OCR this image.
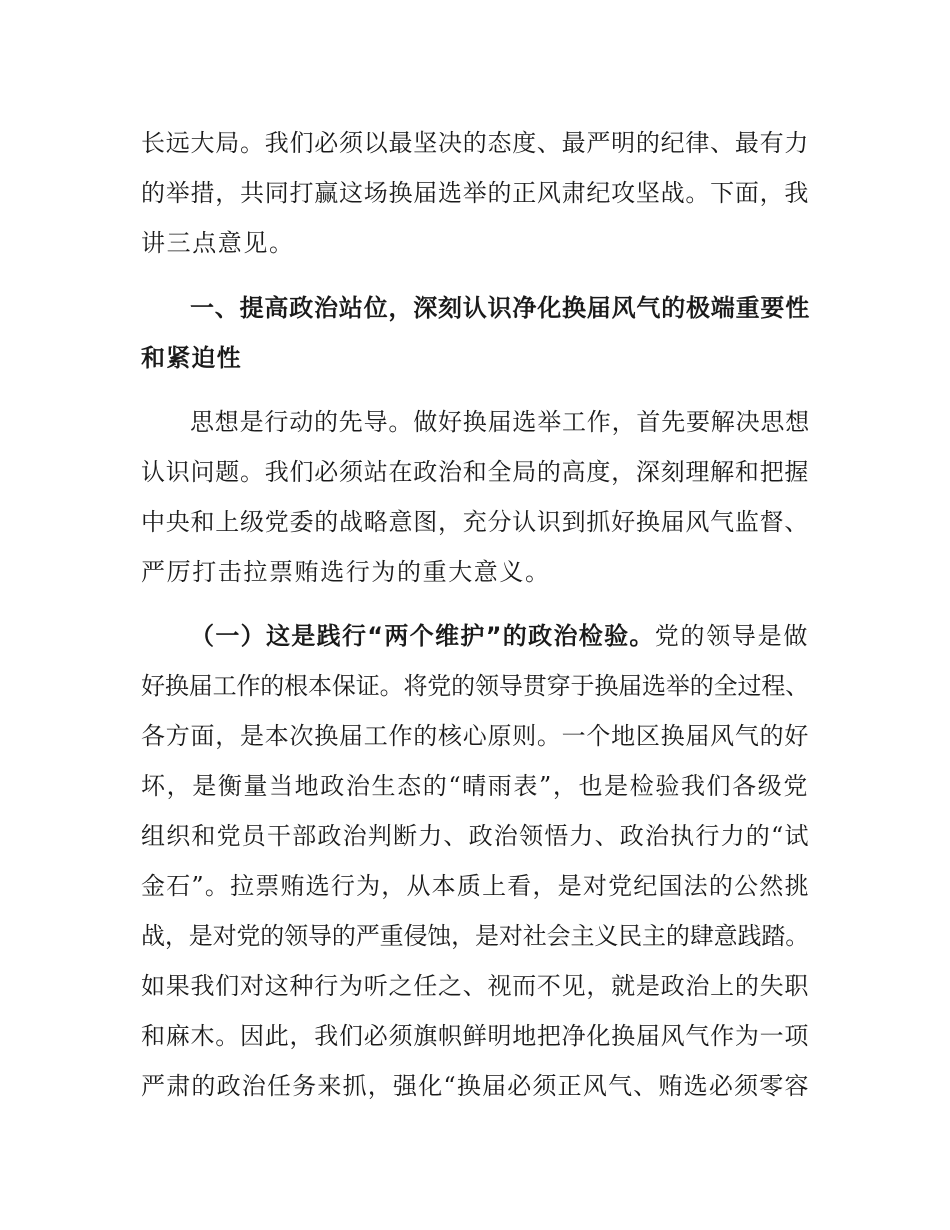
长远大局。我们必须以最坚决的态度、最严明的纪律、最有力
的举措，共同打赢这场换届选举的正风肃纪攻坚战。下面，我
讲三点意见。
一、提高政治站位，深刻认识净化换届风气的极端重要性
和紧迫性
思想是行动的先导。做好换届选举工作，首先要解决思想
认识问题。我们必须站在政治和全局的高度，深刻理解和把握
中央和上级党委的战略意图，充分认识到抓好换届风气监督、
严厉打击拉票贿选行为的重大意义。
（一）这是践行“两个维护”的政治检验。党的领导是做
好换届工作的根本保证。将党的领导贯穿于换届选举的全过程、
各方面，是本次换届工作的核心原则。一个地区换届风气的好
坏，是衡量当地政治生态的“晴雨表”，也是检验我们各级党
组织和党员干部政治判断力、政治领悟力、政治执行力的“试
金石”。拉票贿选行为，从本质上看，是对党纪国法的公然挑
战，是对党的领导的严重侵蚀，是对社会主义民主的肆意践踏。
如果我们对这种行为听之任之、视而不见，就是政治上的失职
和麻木。因此，我们必须旗帜鲜明地把净化换届风气作为一项
严肃的政治任务来抓，强化“换届必须正风气、贿选必须零容
